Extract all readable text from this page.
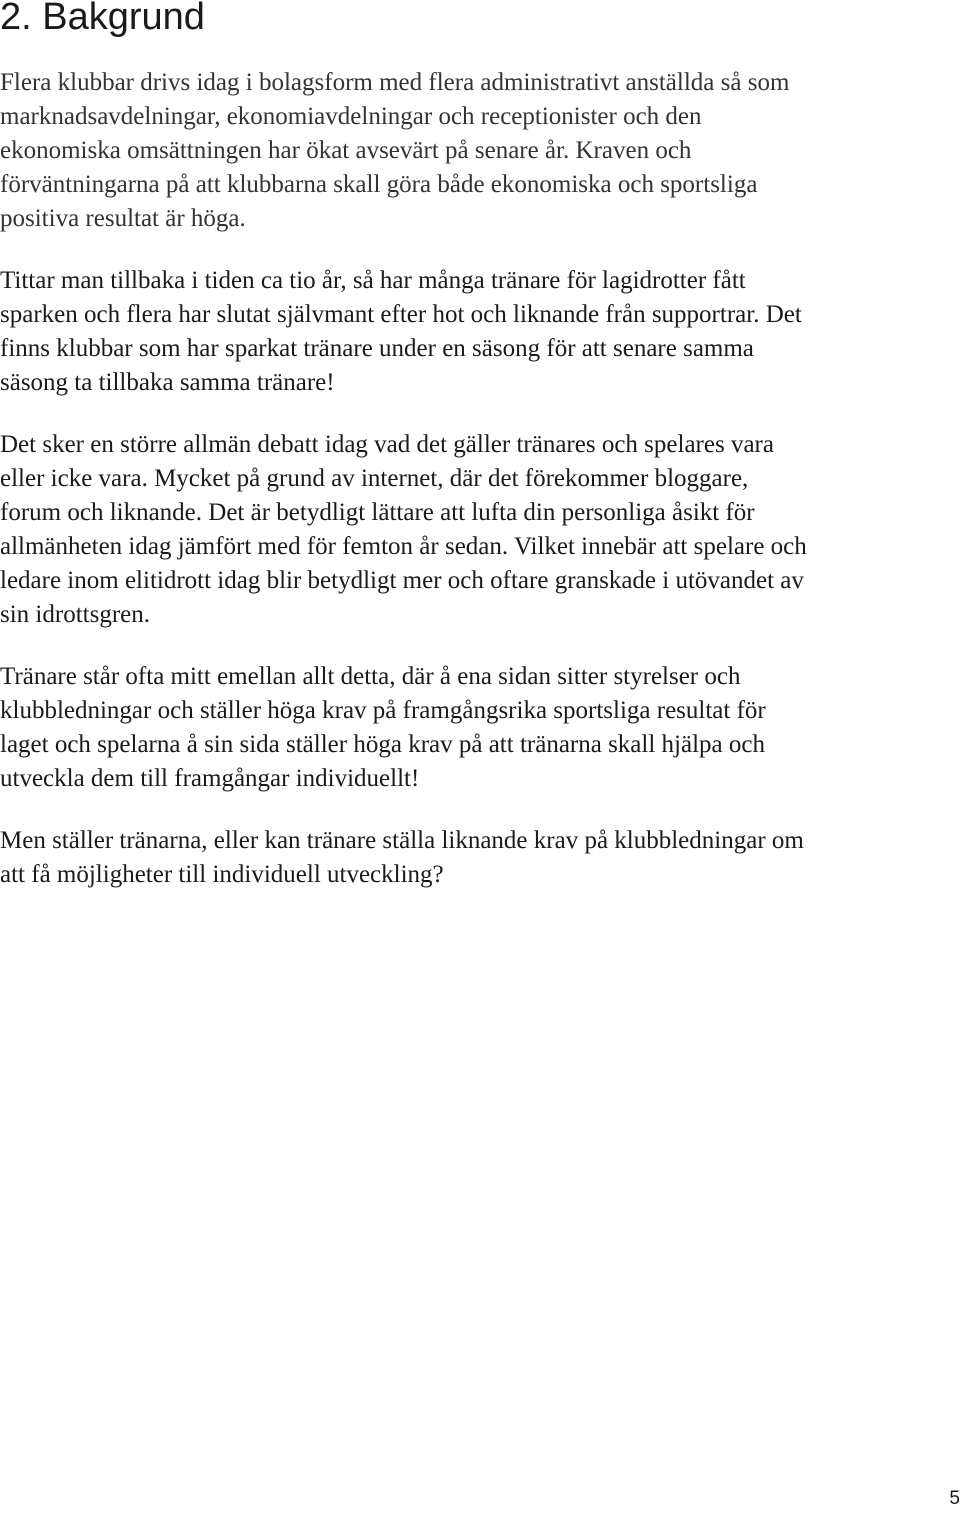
2. Bakgrund

Flera klubbar drivs idag i bolagsform med flera administrativt anställda så som
marknadsavdelningar, ekonomiavdelningar och receptionister och den
ekonomiska omsättningen har ökat avsevärt på senare år. Kraven och
förväntningarna på att klubbarna skall göra både ekonomiska och sportsliga
positiva resultat är höga.

Tittar man tillbaka i tiden ca tio år, så har många tränare för lagidrotter fått
sparken och flera har slutat självmant efter hot och liknande från supportrar. Det
finns klubbar som har sparkat tränare under en säsong för att senare samma
säsong ta tillbaka samma tränare!

Det sker en större allmän debatt idag vad det gäller tränares och spelares vara
eller icke vara. Mycket på grund av internet, där det förekommer bloggare,
forum och liknande. Det är betydligt lättare att lufta din personliga åsikt för
allmänheten idag jämfört med för femton år sedan. Vilket innebär att spelare och
ledare inom elitidrott idag blir betydligt mer och oftare granskade i utövandet av
sin idrottsgren.

Tränare står ofta mitt emellan allt detta, där å ena sidan sitter styrelser och
klubbledningar och ställer höga krav på framgångsrika sportsliga resultat för
laget och spelarna å sin sida ställer höga krav på att tränarna skall hjälpa och
utveckla dem till framgångar individuellt!

Men ställer tränarna, eller kan tränare ställa liknande krav på klubbledningar om
att få möjligheter till individuell utveckling?

5
